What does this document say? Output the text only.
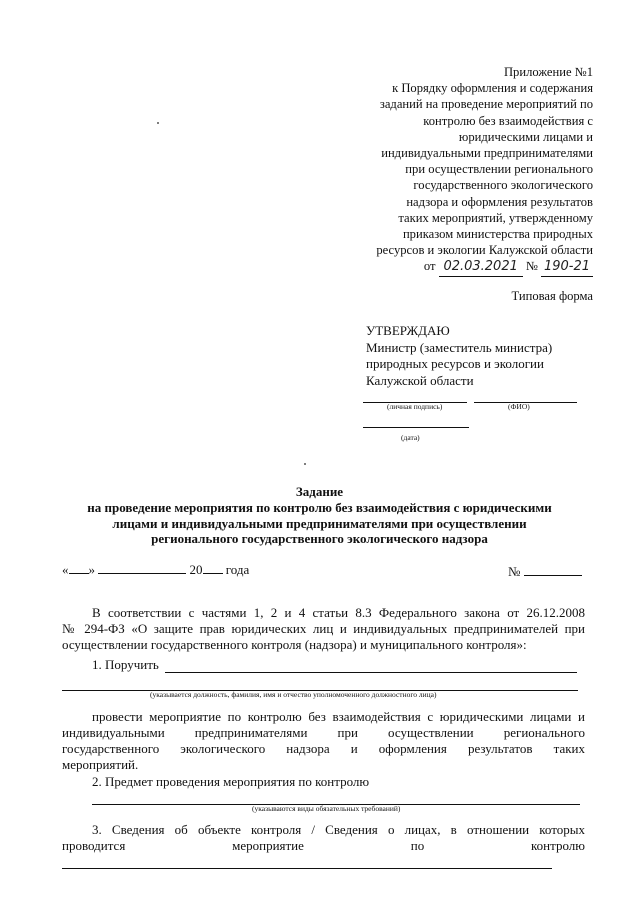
Приложение №1
к Порядку оформления и содержания
заданий на проведение мероприятий по
контролю без взаимодействия с
юридическими лицами и
индивидуальными предпринимателями
при осуществлении регионального
государственного экологического
надзора и оформления результатов
таких мероприятий, утвержденному
приказом министерства природных
ресурсов и экологии Калужской области
от 02.03.2021 № 190-21
Типовая форма
УТВЕРЖДАЮ
Министр (заместитель министра)
природных ресурсов и экологии
Калужской области
(личная подпись)	(ФИО)
(дата)
Задание
на проведение мероприятия по контролю без взаимодействия с юридическими
лицами и индивидуальными предпринимателями при осуществлении
регионального государственного экологического надзора
« »	20 года	№
В соответствии с частями 1, 2 и 4 статьи 8.3 Федерального закона от 26.12.2008
№ 294-ФЗ «О защите прав юридических лиц и индивидуальных предпринимателей при
осуществлении государственного контроля (надзора) и муниципального контроля»:
1. Поручить
(указывается должность, фамилия, имя и отчество уполномоченного должностного лица)
провести мероприятие по контролю без взаимодействия с юридическими лицами и
индивидуальными предпринимателями при осуществлении регионального
государственного экологического надзора и оформления результатов таких
мероприятий.
2. Предмет проведения мероприятия по контролю
(указываются виды обязательных требований)
3. Сведения об объекте контроля / Сведения о лицах, в отношении которых
проводится мероприятие по контролю
